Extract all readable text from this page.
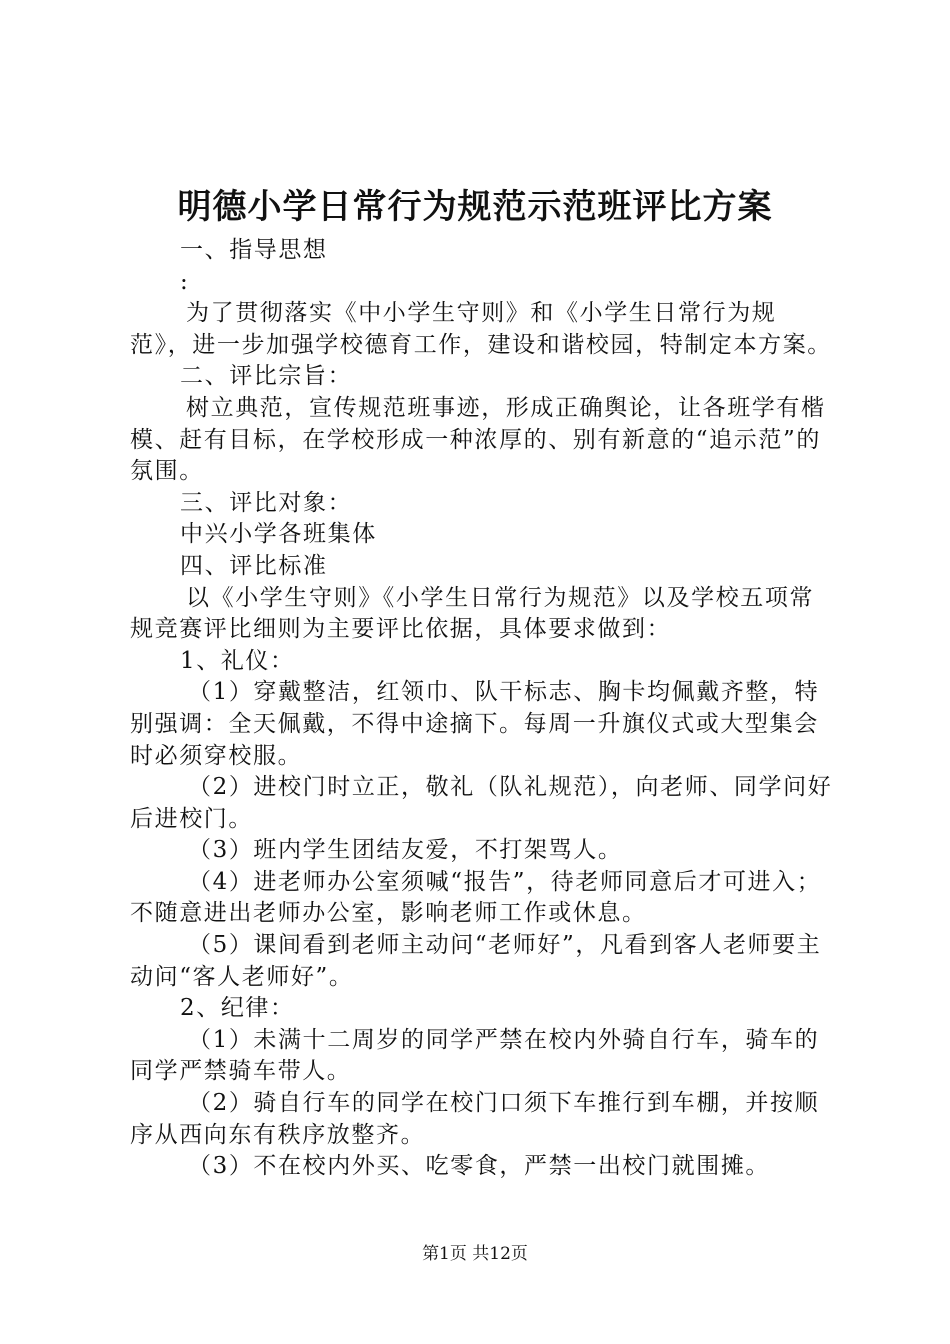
明德小学日常行为规范示范班评比方案

一、指导思想

:

为了贯彻落实《中小学生守则》和《小学生日常行为规范》，进一步加强学校德育工作，建设和谐校园，特制定本方案。

二、评比宗旨：

树立典范，宣传规范班事迹，形成正确舆论，让各班学有楷模、赶有目标，在学校形成一种浓厚的、别有新意的“追示范”的氛围。

三、评比对象：

中兴小学各班集体

四、评比标准

以《小学生守则》《小学生日常行为规范》以及学校五项常规竞赛评比细则为主要评比依据，具体要求做到：

1、礼仪：

（1）穿戴整洁，红领巾、队干标志、胸卡均佩戴齐整，特别强调：全天佩戴，不得中途摘下。每周一升旗仪式或大型集会时必须穿校服。

（2）进校门时立正，敬礼（队礼规范），向老师、同学问好后进校门。

（3）班内学生团结友爱，不打架骂人。

（4）进老师办公室须喊“报告”，待老师同意后才可进入；不随意进出老师办公室，影响老师工作或休息。

（5）课间看到老师主动问“老师好”，凡看到客人老师要主动问“客人老师好”。

2、纪律：

（1）未满十二周岁的同学严禁在校内外骑自行车，骑车的同学严禁骑车带人。

（2）骑自行车的同学在校门口须下车推行到车棚，并按顺序从西向东有秩序放整齐。

（3）不在校内外买、吃零食，严禁一出校门就围摊。

第1页 共12页
